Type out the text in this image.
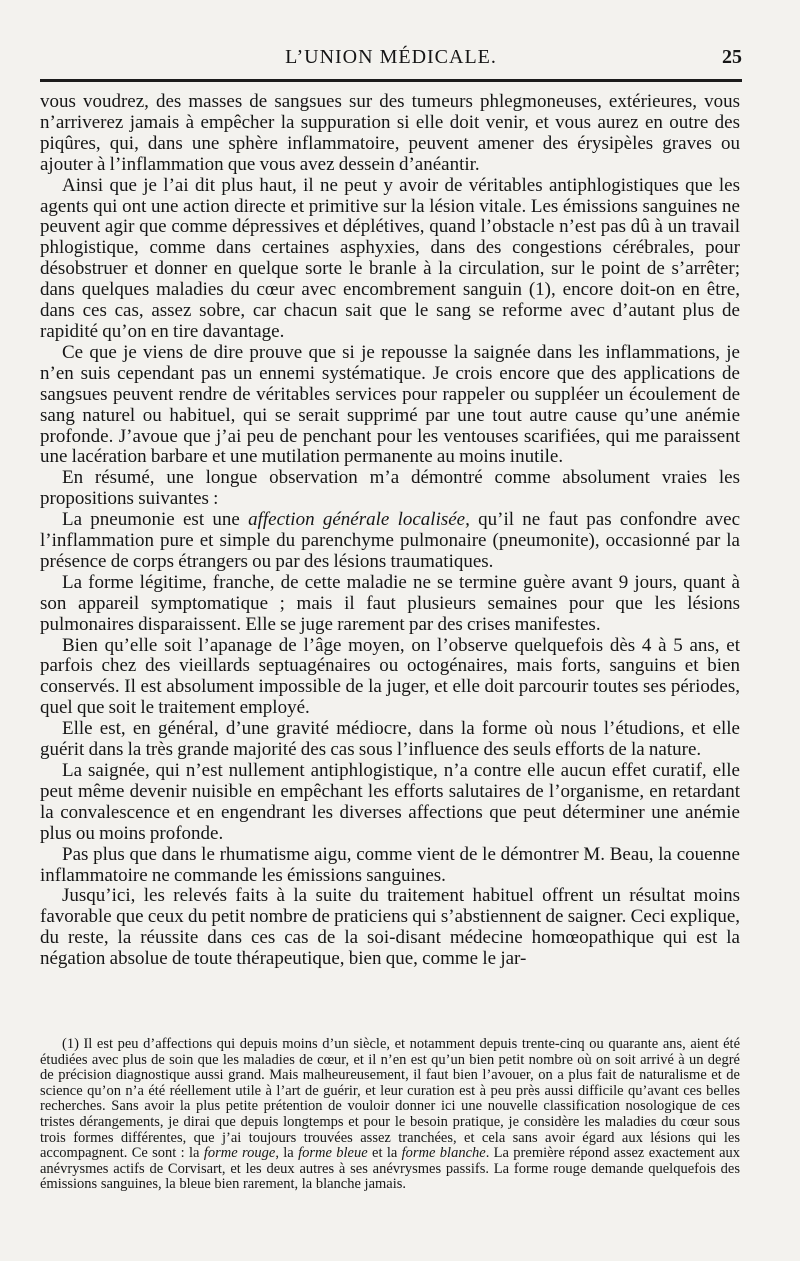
L’UNION MÉDICALE.	25

vous voudrez, des masses de sangsues sur des tumeurs phlegmoneuses, extérieures, vous n’arriverez jamais à empêcher la suppuration si elle doit venir, et vous aurez en outre des piqûres, qui, dans une sphère inflammatoire, peuvent amener des érysipèles graves ou ajouter à l’inflammation que vous avez dessein d’anéantir.

Ainsi que je l’ai dit plus haut, il ne peut y avoir de véritables antiphlogistiques que les agents qui ont une action directe et primitive sur la lésion vitale. Les émissions sanguines ne peuvent agir que comme dépressives et déplétives, quand l’obstacle n’est pas dû à un travail phlogistique, comme dans certaines asphyxies, dans des congestions cérébrales, pour désobstruer et donner en quelque sorte le branle à la circulation, sur le point de s’arrêter; dans quelques maladies du cœur avec encombrement sanguin (1), encore doit-on en être, dans ces cas, assez sobre, car chacun sait que le sang se reforme avec d’autant plus de rapidité qu’on en tire davantage.

Ce que je viens de dire prouve que si je repousse la saignée dans les inflammations, je n’en suis cependant pas un ennemi systématique. Je crois encore que des applications de sangsues peuvent rendre de véritables services pour rappeler ou suppléer un écoulement de sang naturel ou habituel, qui se serait supprimé par une tout autre cause qu’une anémie profonde. J’avoue que j’ai peu de penchant pour les ventouses scarifiées, qui me paraissent une lacération barbare et une mutilation permanente au moins inutile.

En résumé, une longue observation m’a démontré comme absolument vraies les propositions suivantes :

La pneumonie est une affection générale localisée, qu’il ne faut pas confondre avec l’inflammation pure et simple du parenchyme pulmonaire (pneumonite), occasionné par la présence de corps étrangers ou par des lésions traumatiques.

La forme légitime, franche, de cette maladie ne se termine guère avant 9 jours, quant à son appareil symptomatique ; mais il faut plusieurs semaines pour que les lésions pulmonaires disparaissent. Elle se juge rarement par des crises manifestes.

Bien qu’elle soit l’apanage de l’âge moyen, on l’observe quelquefois dès 4 à 5 ans, et parfois chez des vieillards septuagénaires ou octogénaires, mais forts, sanguins et bien conservés. Il est absolument impossible de la juger, et elle doit parcourir toutes ses périodes, quel que soit le traitement employé.

Elle est, en général, d’une gravité médiocre, dans la forme où nous l’étudions, et elle guérit dans la très grande majorité des cas sous l’influence des seuls efforts de la nature.

La saignée, qui n’est nullement antiphlogistique, n’a contre elle aucun effet curatif, elle peut même devenir nuisible en empêchant les efforts salutaires de l’organisme, en retardant la convalescence et en engendrant les diverses affections que peut déterminer une anémie plus ou moins profonde.

Pas plus que dans le rhumatisme aigu, comme vient de le démontrer M. Beau, la couenne inflammatoire ne commande les émissions sanguines.

Jusqu’ici, les relevés faits à la suite du traitement habituel offrent un résultat moins favorable que ceux du petit nombre de praticiens qui s’abstiennent de saigner. Ceci explique, du reste, la réussite dans ces cas de la soi-disant médecine homœopathique qui est la négation absolue de toute thérapeutique, bien que, comme le jar-

(1) Il est peu d’affections qui depuis moins d’un siècle, et notamment depuis trente-cinq ou quarante ans, aient été étudiées avec plus de soin que les maladies de cœur, et il n’en est qu’un bien petit nombre où on soit arrivé à un degré de précision diagnostique aussi grand. Mais malheureusement, il faut bien l’avouer, on a plus fait de naturalisme et de science qu’on n’a été réellement utile à l’art de guérir, et leur curation est à peu près aussi difficile qu’avant ces belles recherches. Sans avoir la plus petite prétention de vouloir donner ici une nouvelle classification nosologique de ces tristes dérangements, je dirai que depuis longtemps et pour le besoin pratique, je considère les maladies du cœur sous trois formes différentes, que j’ai toujours trouvées assez tranchées, et cela sans avoir égard aux lésions qui les accompagnent. Ce sont : la forme rouge, la forme bleue et la forme blanche. La première répond assez exactement aux anévrysmes actifs de Corvisart, et les deux autres à ses anévrysmes passifs. La forme rouge demande quelquefois des émissions sanguines, la bleue bien rarement, la blanche jamais.
